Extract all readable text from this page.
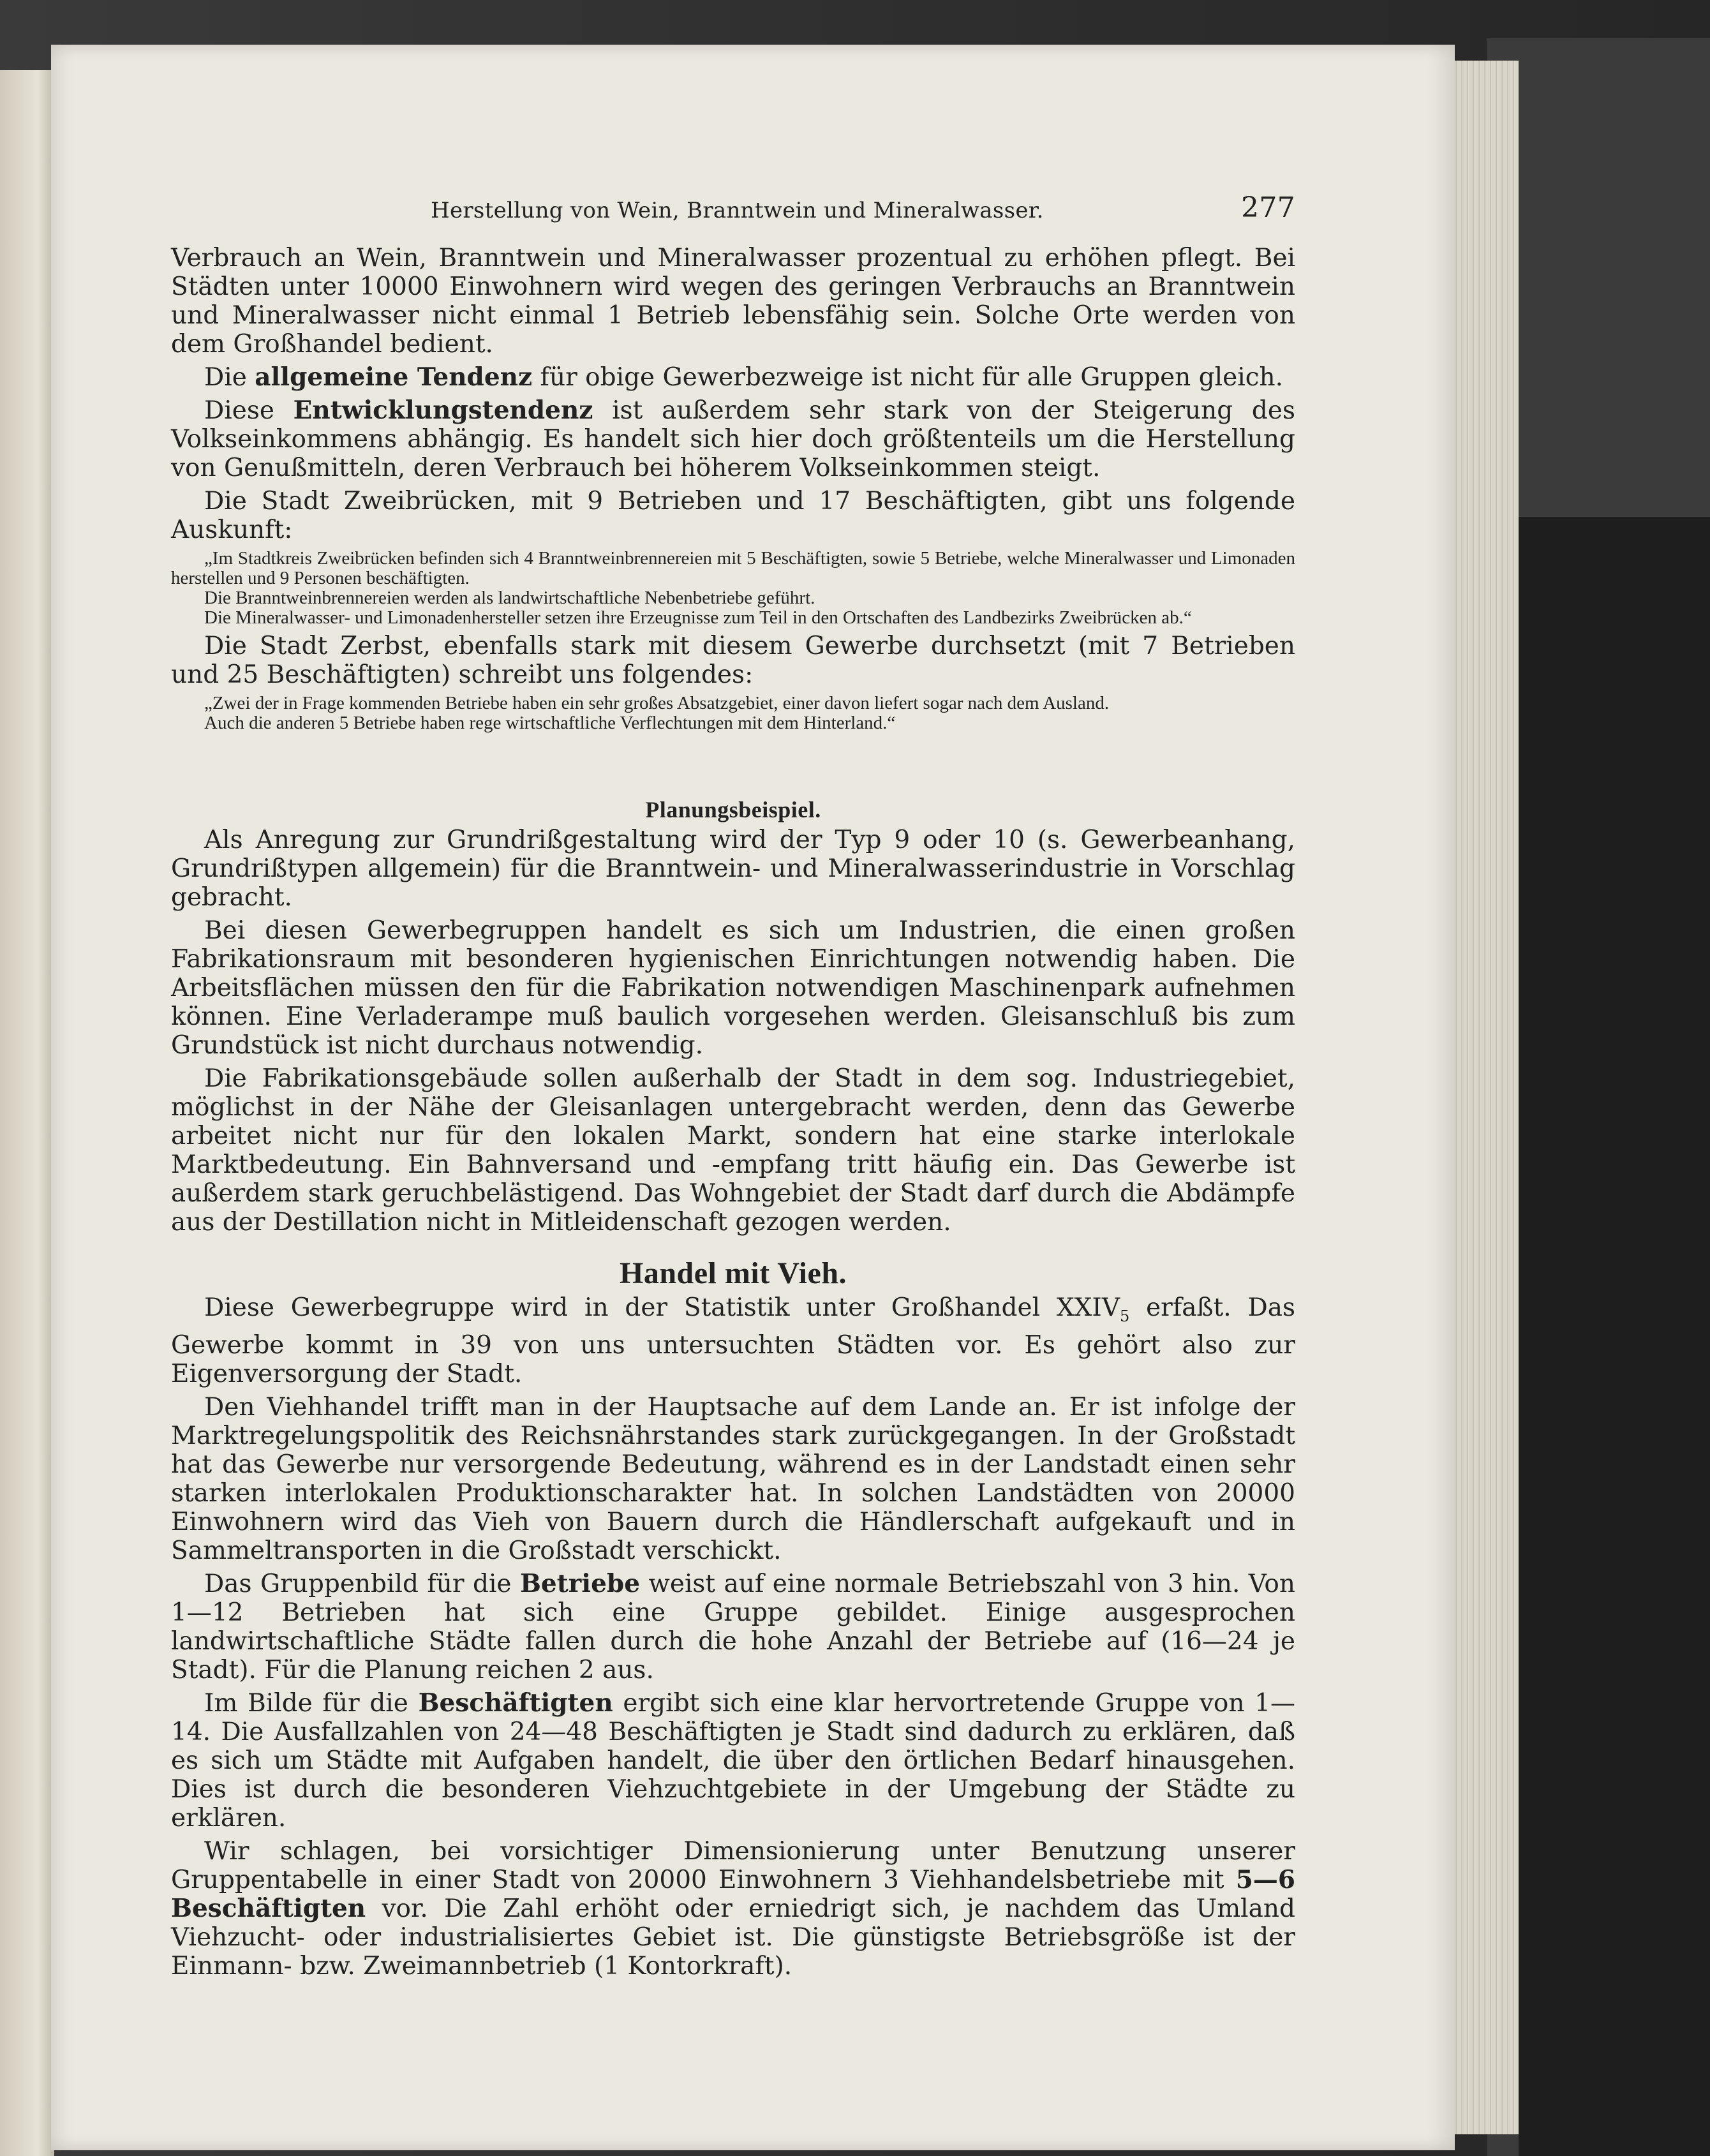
Herstellung von Wein, Branntwein und Mineralwasser.	277

Verbrauch an Wein, Branntwein und Mineralwasser prozentual zu erhöhen pflegt. Bei Städten unter 10000 Einwohnern wird wegen des geringen Verbrauchs an Branntwein und Mineralwasser nicht einmal 1 Betrieb lebensfähig sein. Solche Orte werden von dem Großhandel bedient.

Die allgemeine Tendenz für obige Gewerbezweige ist nicht für alle Gruppen gleich.

Diese Entwicklungstendenz ist außerdem sehr stark von der Steigerung des Volkseinkommens abhängig. Es handelt sich hier doch größtenteils um die Herstellung von Genußmitteln, deren Verbrauch bei höherem Volkseinkommen steigt.

Die Stadt Zweibrücken, mit 9 Betrieben und 17 Beschäftigten, gibt uns folgende Auskunft:

„Im Stadtkreis Zweibrücken befinden sich 4 Branntweinbrennereien mit 5 Beschäftigten, sowie 5 Betriebe, welche Mineralwasser und Limonaden herstellen und 9 Personen beschäftigten.

Die Branntweinbrennereien werden als landwirtschaftliche Nebenbetriebe geführt.

Die Mineralwasser- und Limonadenhersteller setzen ihre Erzeugnisse zum Teil in den Ortschaften des Landbezirks Zweibrücken ab.“

Die Stadt Zerbst, ebenfalls stark mit diesem Gewerbe durchsetzt (mit 7 Betrieben und 25 Beschäftigten) schreibt uns folgendes:

„Zwei der in Frage kommenden Betriebe haben ein sehr großes Absatzgebiet, einer davon liefert sogar nach dem Ausland.

Auch die anderen 5 Betriebe haben rege wirtschaftliche Verflechtungen mit dem Hinterland.“

Planungsbeispiel.

Als Anregung zur Grundrißgestaltung wird der Typ 9 oder 10 (s. Gewerbeanhang, Grundrißtypen allgemein) für die Branntwein- und Mineralwasserindustrie in Vorschlag gebracht.

Bei diesen Gewerbegruppen handelt es sich um Industrien, die einen großen Fabrikationsraum mit besonderen hygienischen Einrichtungen notwendig haben. Die Arbeitsflächen müssen den für die Fabrikation notwendigen Maschinenpark aufnehmen können. Eine Verladerampe muß baulich vorgesehen werden. Gleisanschluß bis zum Grundstück ist nicht durchaus notwendig.

Die Fabrikationsgebäude sollen außerhalb der Stadt in dem sog. Industriegebiet, möglichst in der Nähe der Gleisanlagen untergebracht werden, denn das Gewerbe arbeitet nicht nur für den lokalen Markt, sondern hat eine starke interlokale Marktbedeutung. Ein Bahnversand und -empfang tritt häufig ein. Das Gewerbe ist außerdem stark geruchbelästigend. Das Wohngebiet der Stadt darf durch die Abdämpfe aus der Destillation nicht in Mitleidenschaft gezogen werden.

Handel mit Vieh.

Diese Gewerbegruppe wird in der Statistik unter Großhandel $XXIV_5$ erfaßt. Das Gewerbe kommt in 39 von uns untersuchten Städten vor. Es gehört also zur Eigenversorgung der Stadt.

Den Viehhandel trifft man in der Hauptsache auf dem Lande an. Er ist infolge der Marktregelungspolitik des Reichsnährstandes stark zurückgegangen. In der Großstadt hat das Gewerbe nur versorgende Bedeutung, während es in der Landstadt einen sehr starken interlokalen Produktionscharakter hat. In solchen Landstädten von 20000 Einwohnern wird das Vieh von Bauern durch die Händlerschaft aufgekauft und in Sammeltransporten in die Großstadt verschickt.

Das Gruppenbild für die Betriebe weist auf eine normale Betriebszahl von 3 hin. Von 1—12 Betrieben hat sich eine Gruppe gebildet. Einige ausgesprochen landwirtschaftliche Städte fallen durch die hohe Anzahl der Betriebe auf (16—24 je Stadt). Für die Planung reichen 2 aus.

Im Bilde für die Beschäftigten ergibt sich eine klar hervortretende Gruppe von 1—14. Die Ausfallzahlen von 24—48 Beschäftigten je Stadt sind dadurch zu erklären, daß es sich um Städte mit Aufgaben handelt, die über den örtlichen Bedarf hinausgehen. Dies ist durch die besonderen Viehzuchtgebiete in der Umgebung der Städte zu erklären.

Wir schlagen, bei vorsichtiger Dimensionierung unter Benutzung unserer Gruppentabelle in einer Stadt von 20000 Einwohnern 3 Viehhandelsbetriebe mit 5—6 Beschäftigten vor. Die Zahl erhöht oder erniedrigt sich, je nachdem das Umland Viehzucht- oder industrialisiertes Gebiet ist. Die günstigste Betriebsgröße ist der Einmann- bzw. Zweimannbetrieb (1 Kontorkraft).
